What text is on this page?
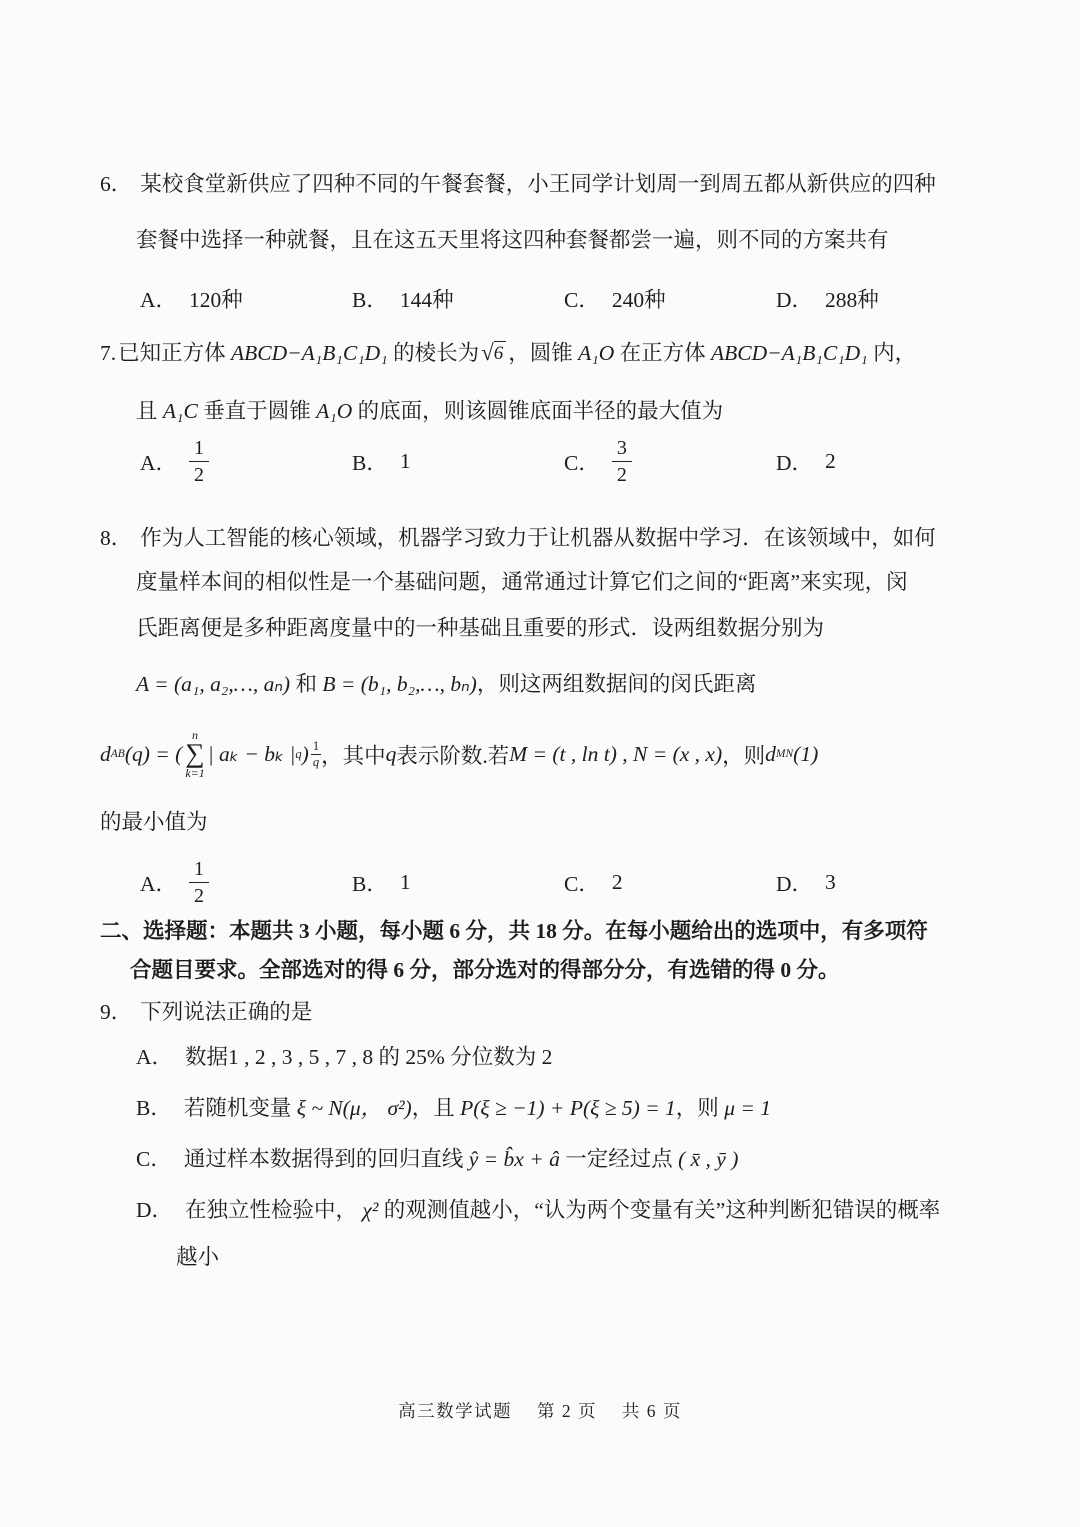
6． 某校食堂新供应了四种不同的午餐套餐，小王同学计划周一到周五都从新供应的四种
套餐中选择一种就餐，且在这五天里将这四种套餐都尝一遍，则不同的方案共有
A． 120种	B． 144种	C． 240种	D． 288种
7.已知正方体 ABCD−A₁B₁C₁D₁ 的棱长为 √ 6 ，圆锥 A₁O 在正方体 ABCD−A₁B₁C₁D₁ 内，
且 A₁C 垂直于圆锥 A₁O 的底面，则该圆锥底面半径的最大值为
A． $\frac{1}{2}$	B． 1	C． $\frac{3}{2}$	D． 2
8． 作为人工智能的核心领域，机器学习致力于让机器从数据中学习．在该领域中，如何
度量样本间的相似性是一个基础问题，通常通过计算它们之间的“距离”来实现，闵
氏距离便是多种距离度量中的一种基础且重要的形式．设两组数据分别为
A = (a₁, a₂,…, aₙ) 和 B = (b₁, b₂,…, bₙ)，则这两组数据间的闵氏距离
d AB (q) = (
n
∑
k=1
| aₖ − bₖ | q ) $\frac{1}{q}$ ，其中 q 表示阶数.若 M = (t , ln t) , N = (x , x) ，则 d MN (1)
的最小值为
A． $\frac{1}{2}$	B． 1	C． 2	D． 3
二、选择题：本题共 3 小题，每小题 6 分，共 18 分。在每小题给出的选项中，有多项符
合题目要求。全部选对的得 6 分，部分选对的得部分分，有选错的得 0 分。
9． 下列说法正确的是
A． 数据1 , 2 , 3 , 5 , 7 , 8 的 25% 分位数为 2
B． 若随机变量 ξ ~ N(μ， σ²)，且 P(ξ ≥ −1) + P(ξ ≥ 5) = 1，则 μ = 1
C． 通过样本数据得到的回归直线 ŷ = b̂x + â 一定经过点 ( x̄ , ȳ )
D． 在独立性检验中， χ² 的观测值越小，“认为两个变量有关”这种判断犯错误的概率
越小
高三数学试题　 第 2 页 　共 6 页
